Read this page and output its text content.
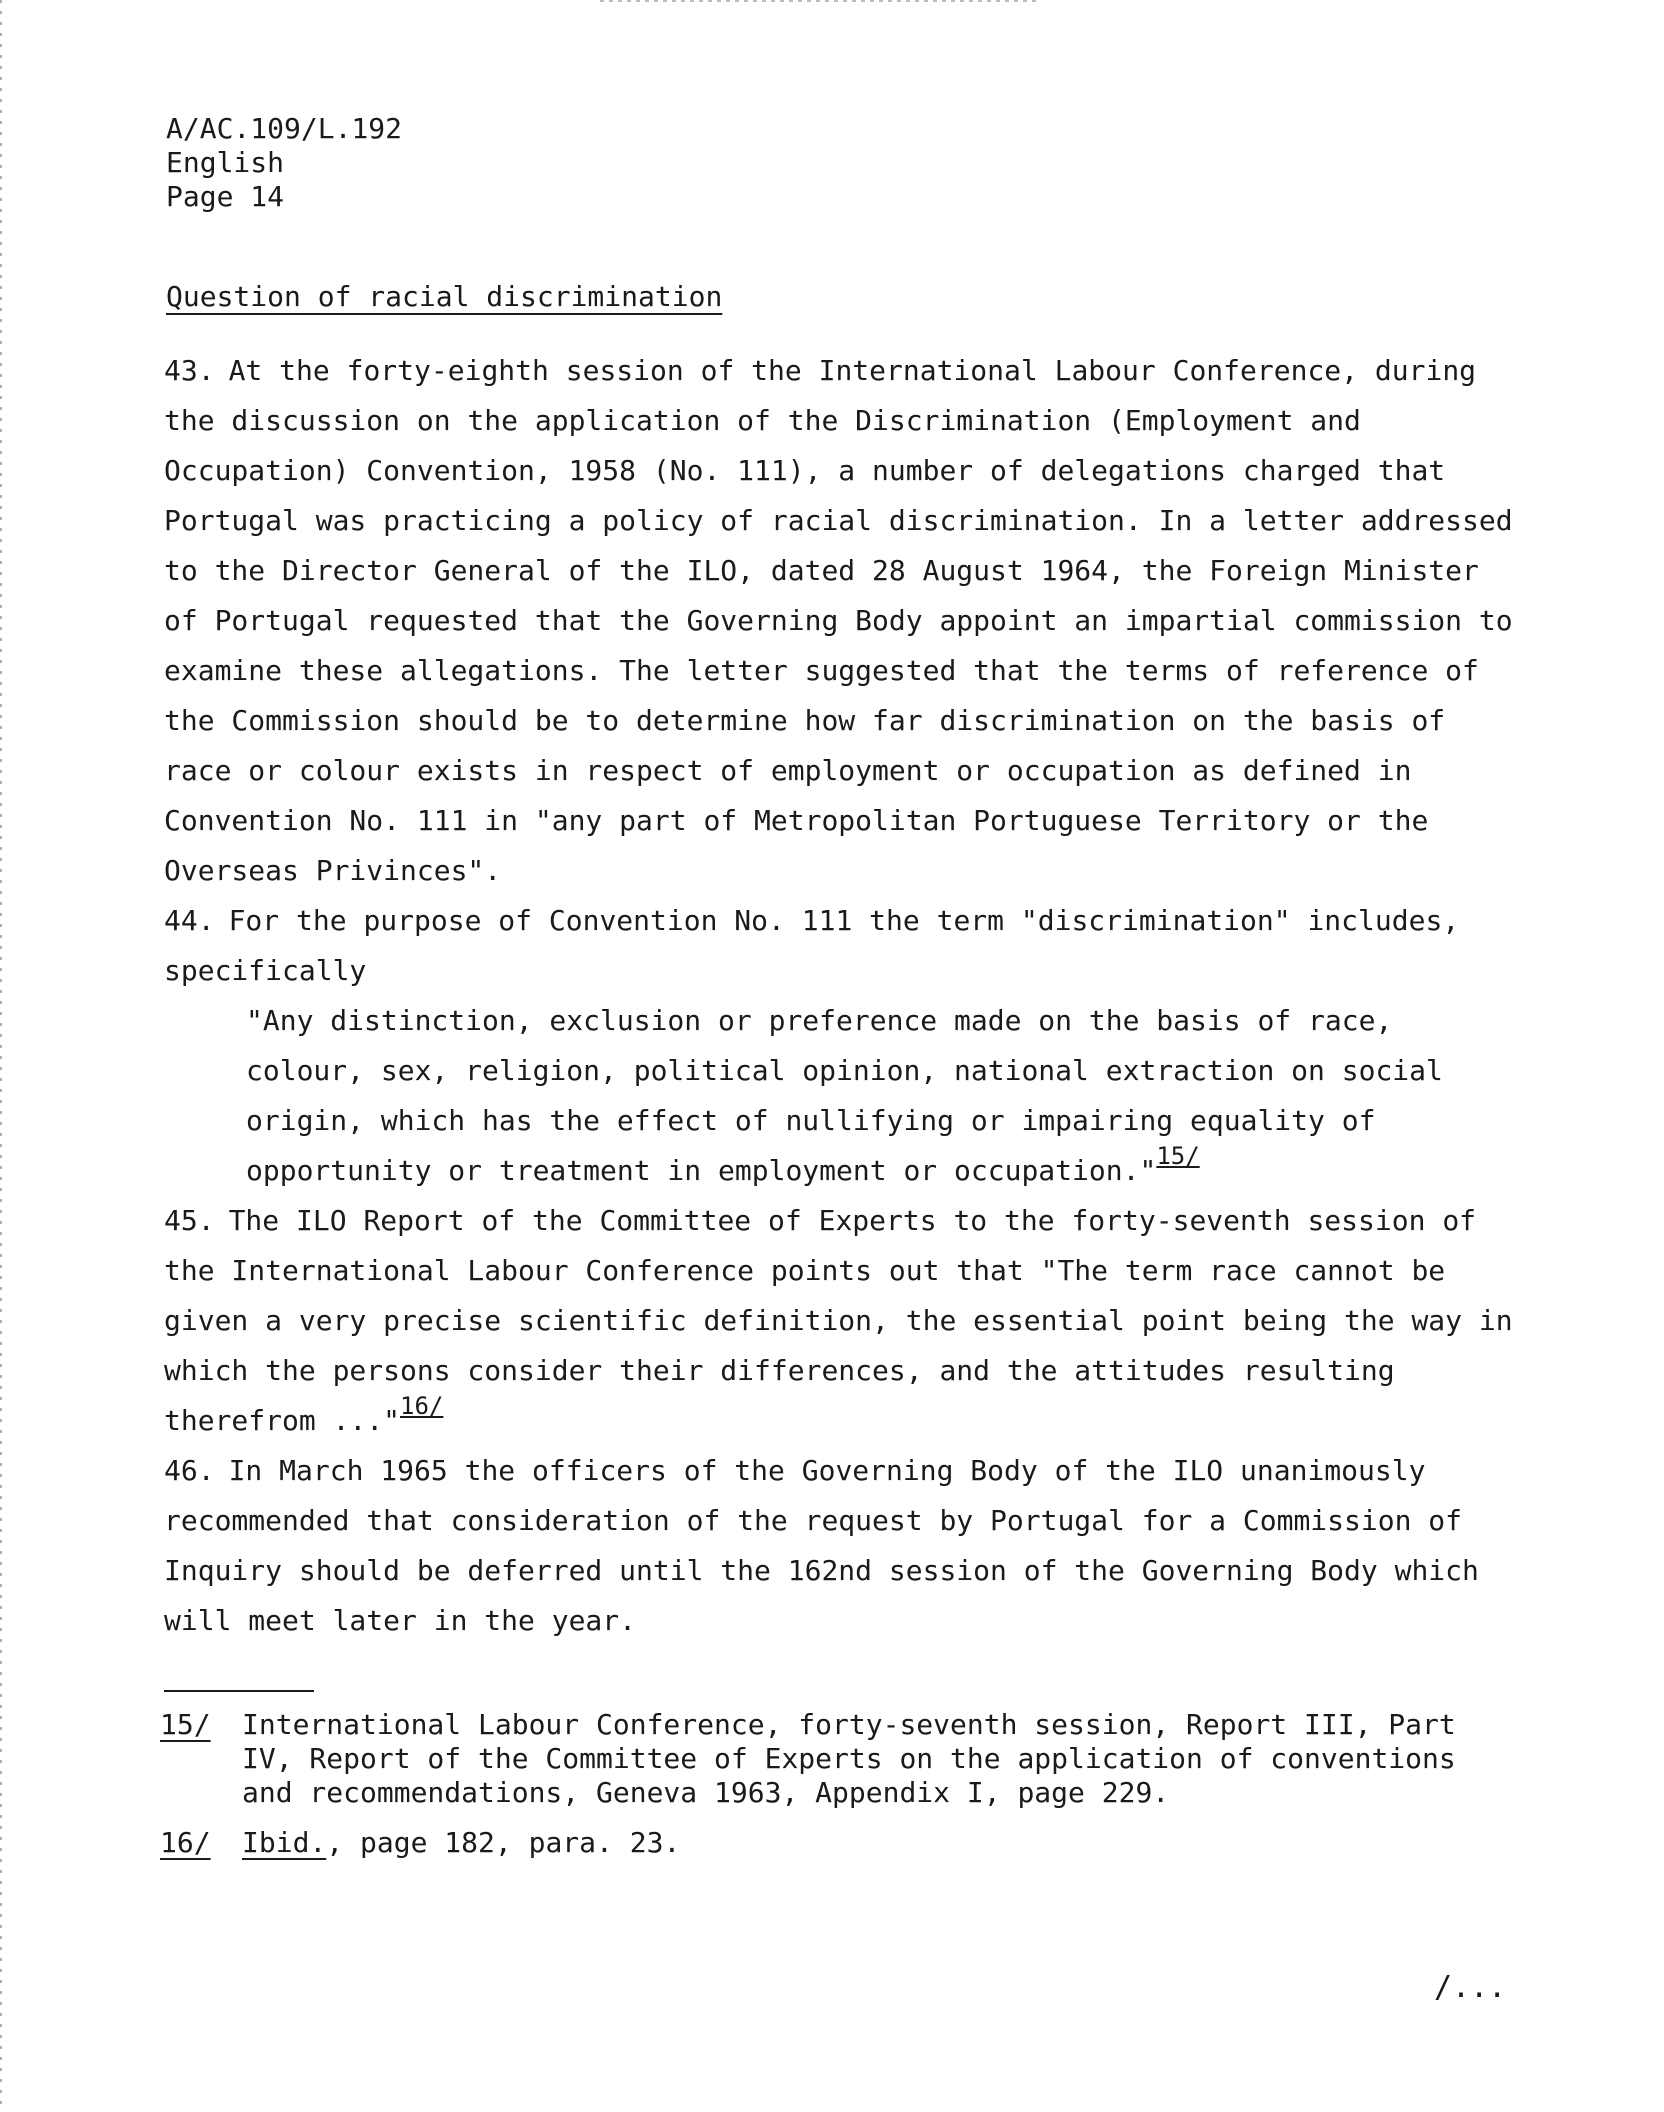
A/AC.109/L.192
English
Page 14
Question of racial discrimination

43. At the forty-eighth session of the International Labour Conference, during the discussion on the application of the Discrimination (Employment and Occupation) Convention, 1958 (No. 111), a number of delegations charged that Portugal was practicing a policy of racial discrimination. In a letter addressed to the Director General of the ILO, dated 28 August 1964, the Foreign Minister of Portugal requested that the Governing Body appoint an impartial commission to examine these allegations. The letter suggested that the terms of reference of the Commission should be to determine how far discrimination on the basis of race or colour exists in respect of employment or occupation as defined in Convention No. 111 in "any part of Metropolitan Portuguese Territory or the Overseas Privinces".

44. For the purpose of Convention No. 111 the term "discrimination" includes, specifically

"Any distinction, exclusion or preference made on the basis of race, colour, sex, religion, political opinion, national extraction on social origin, which has the effect of nullifying or impairing equality of opportunity or treatment in employment or occupation."$^{15/}$

45. The ILO Report of the Committee of Experts to the forty-seventh session of the International Labour Conference points out that "The term race cannot be given a very precise scientific definition, the essential point being the way in which the persons consider their differences, and the attitudes resulting therefrom ..."$^{16/}$

46. In March 1965 the officers of the Governing Body of the ILO unanimously recommended that consideration of the request by Portugal for a Commission of Inquiry should be deferred until the 162nd session of the Governing Body which will meet later in the year.

15/	International Labour Conference, forty-seventh session, Report III, Part IV, Report of the Committee of Experts on the application of conventions and recommendations, Geneva 1963, Appendix I, page 229.
16/	Ibid., page 182, para. 23.
/...
